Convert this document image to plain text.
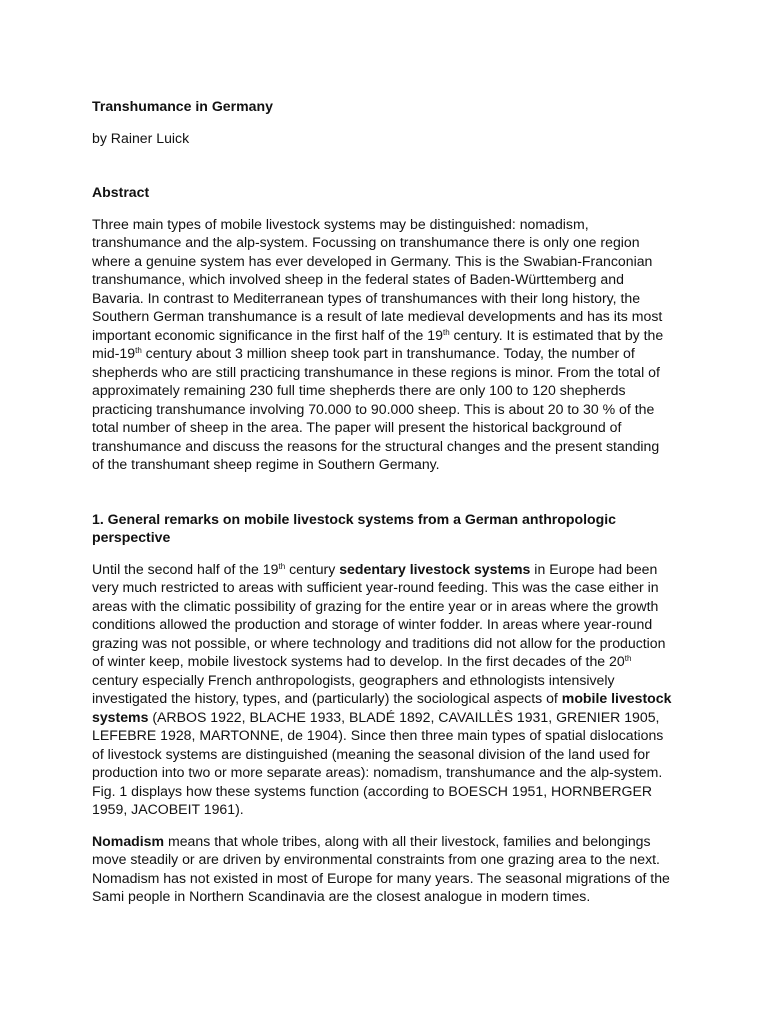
Transhumance in Germany

by Rainer Luick

Abstract

Three main types of mobile livestock systems may be distinguished: nomadism,
transhumance and the alp-system. Focussing on transhumance there is only one region
where a genuine system has ever developed in Germany. This is the Swabian-Franconian
transhumance, which involved sheep in the federal states of Baden-Württemberg and
Bavaria. In contrast to Mediterranean types of transhumances with their long history, the
Southern German transhumance is a result of late medieval developments and has its most
important economic significance in the first half of the 19th century. It is estimated that by the
mid-19th century about 3 million sheep took part in transhumance. Today, the number of
shepherds who are still practicing transhumance in these regions is minor. From the total of
approximately remaining 230 full time shepherds there are only 100 to 120 shepherds
practicing transhumance involving 70.000 to 90.000 sheep. This is about 20 to 30 % of the
total number of sheep in the area. The paper will present the historical background of
transhumance and discuss the reasons for the structural changes and the present standing
of the transhumant sheep regime in Southern Germany.
1. General remarks on mobile livestock systems from a German anthropologic
perspective
Until the second half of the 19th century sedentary livestock systems in Europe had been
very much restricted to areas with sufficient year-round feeding. This was the case either in
areas with the climatic possibility of grazing for the entire year or in areas where the growth
conditions allowed the production and storage of winter fodder. In areas where year-round
grazing was not possible, or where technology and traditions did not allow for the production
of winter keep, mobile livestock systems had to develop. In the first decades of the 20th
century especially French anthropologists, geographers and ethnologists intensively
investigated the history, types, and (particularly) the sociological aspects of mobile livestock
systems (ARBOS 1922, BLACHE 1933, BLADÉ 1892, CAVAILLÈS 1931, GRENIER 1905,
LEFEBRE 1928, MARTONNE, de 1904). Since then three main types of spatial dislocations
of livestock systems are distinguished (meaning the seasonal division of the land used for
production into two or more separate areas): nomadism, transhumance and the alp-system.
Fig. 1 displays how these systems function (according to BOESCH 1951, HORNBERGER
1959, JACOBEIT 1961).
Nomadism means that whole tribes, along with all their livestock, families and belongings
move steadily or are driven by environmental constraints from one grazing area to the next.
Nomadism has not existed in most of Europe for many years. The seasonal migrations of the
Sami people in Northern Scandinavia are the closest analogue in modern times.
